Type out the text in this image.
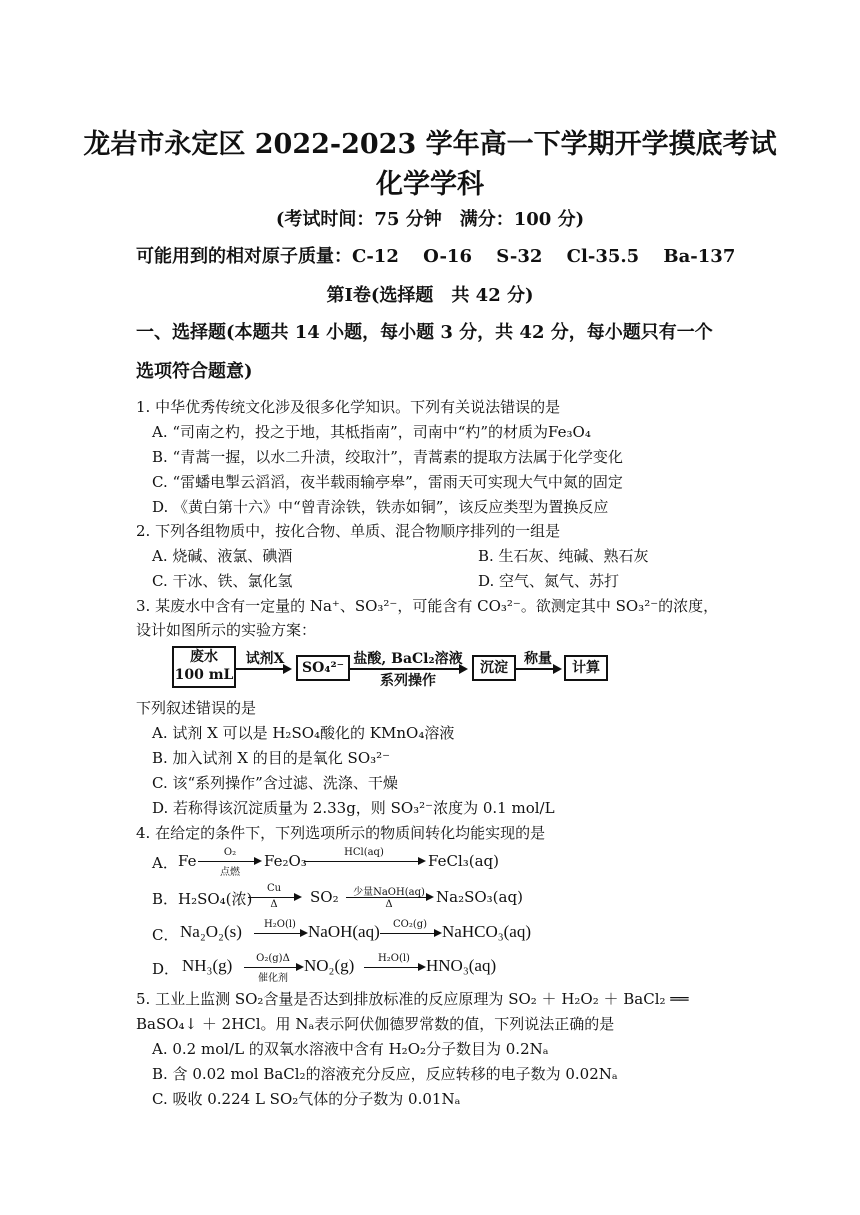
龙岩市永定区 2022-2023 学年高一下学期开学摸底考试
化学学科
(考试时间：75 分钟　满分：100 分)
可能用到的相对原子质量：C-12　 O-16　 S-32　 Cl-35.5　 Ba-137
第Ⅰ卷(选择题　共 42 分)
一、选择题(本题共 14 小题，每小题 3 分，共 42 分，每小题只有一个
选项符合题意)
1. 中华优秀传统文化涉及很多化学知识。下列有关说法错误的是
A. “司南之杓，投之于地，其柢指南”，司南中“杓”的材质为Fe₃O₄
B. “青蒿一握，以水二升渍，绞取汁”，青蒿素的提取方法属于化学变化
C. “雷蟠电掣云滔滔，夜半载雨输亭皋”，雷雨天可实现大气中氮的固定
D. 《黄白第十六》中“曾青涂铁，铁赤如铜”，该反应类型为置换反应
2. 下列各组物质中，按化合物、单质、混合物顺序排列的一组是
A. 烧碱、液氯、碘酒	B. 生石灰、纯碱、熟石灰
C. 干冰、铁、氯化氢	D. 空气、氮气、苏打
3. 某废水中含有一定量的 Na⁺、SO₃²⁻，可能含有 CO₃²⁻。欲测定其中 SO₃²⁻的浓度，
设计如图所示的实验方案：
废水
100 mL
试剂X
SO₄²⁻
盐酸, BaCl₂溶液
系列操作
沉淀
称量
计算
下列叙述错误的是
A. 试剂 X 可以是 H₂SO₄酸化的 KMnO₄溶液
B. 加入试剂 X 的目的是氧化 SO₃²⁻
C. 该“系列操作”含过滤、洗涤、干燥
D. 若称得该沉淀质量为 2.33g，则 SO₃²⁻浓度为 0.1 mol/L
4. 在给定的条件下，下列选项所示的物质间转化均能实现的是
A． Fe	O₂
点燃
Fe₂O₃	HCl(aq)	FeCl₃(aq)
B． H₂SO₄(浓)
Cu
Δ	SO₂	少量NaOH(aq)
Δ	Na₂SO₃(aq)
C． Na₂O₂(s)	H₂O(l) NaOH(aq)	CO₂(g) NaHCO₃(aq)
D． NH₃(g)	O₂(g)Δ
催化剂
NO₂(g)	H₂O(l) HNO₃(aq)
5. 工业上监测 SO₂含量是否达到排放标准的反应原理为 SO₂ ＋ H₂O₂ ＋ BaCl₂ ══
BaSO₄↓ ＋ 2HCl。用 Nₐ表示阿伏伽德罗常数的值，下列说法正确的是
A. 0.2 mol/L 的双氧水溶液中含有 H₂O₂分子数目为 0.2Nₐ
B. 含 0.02 mol BaCl₂的溶液充分反应，反应转移的电子数为 0.02Nₐ
C. 吸收 0.224 L SO₂气体的分子数为 0.01Nₐ
